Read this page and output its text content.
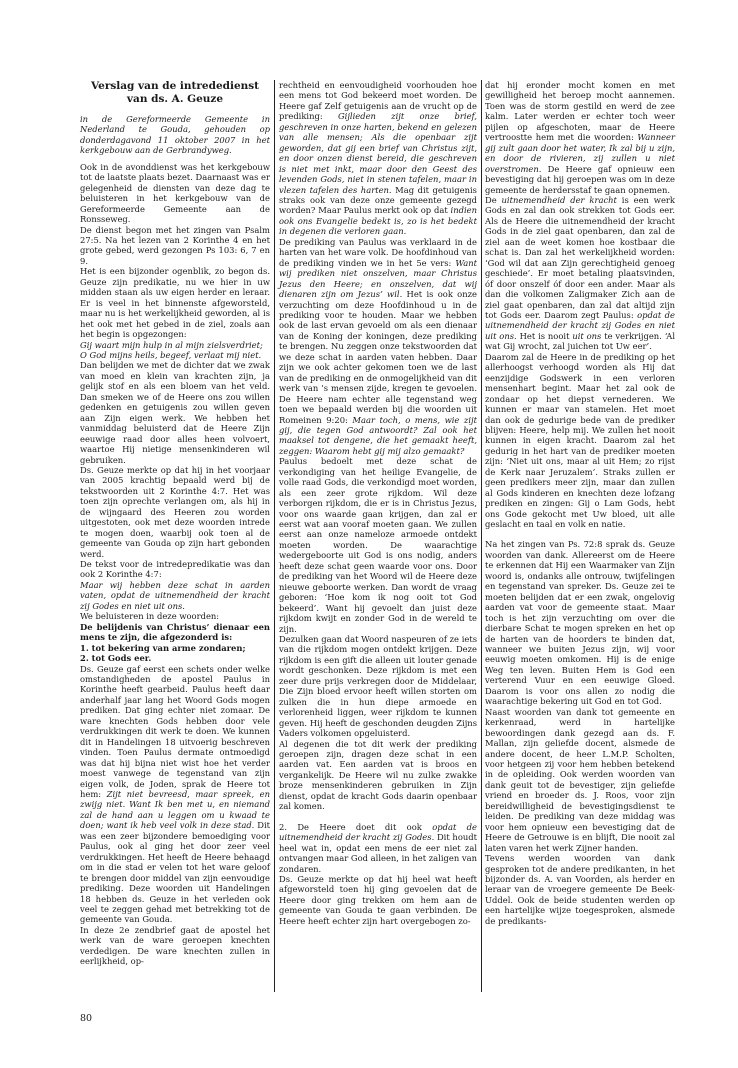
Verslag van de intrededienst
van ds. A. Geuze

in de Gereformeerde Gemeente in Nederland te Gouda, gehouden op donderdagavond 11 oktober 2007 in het kerkgebouw aan de Gerbrandyweg.

Ook in de avonddienst was het kerkgebouw tot de laatste plaats bezet. Daarnaast was er gelegenheid de diensten van deze dag te beluisteren in het kerkgebouw van de Gereformeerde Gemeente aan de Ronsseweg.

De dienst begon met het zingen van Psalm 27:5. Na het lezen van 2 Korinthe 4 en het grote gebed, werd gezongen Ps 103: 6, 7 en 9.

Het is een bijzonder ogenblik, zo begon ds. Geuze zijn predikatie, nu we hier in uw midden staan als uw eigen herder en leraar. Er is veel in het binnenste afgeworsteld, maar nu is het werkelijkheid geworden, al is het ook met het gebed in de ziel, zoals aan het begin is opgezongen:

Gij waart mijn hulp in al mijn zielsverdriet;

O God mijns heils, begeef, verlaat mij niet.

Dan belijden we met de dichter dat we zwak van moed en klein van krachten zijn, ja gelijk stof en als een bloem van het veld. Dan smeken we of de Heere ons zou willen gedenken en getuigenis zou willen geven aan Zijn eigen werk. We hebben het vanmiddag beluisterd dat de Heere Zijn eeuwige raad door alles heen volvoert, waartoe Hij nietige mensenkinderen wil gebruiken.

Ds. Geuze merkte op dat hij in het voorjaar van 2005 krachtig bepaald werd bij de tekstwoorden uit 2 Korinthe 4:7. Het was toen zijn oprechte verlangen om, als hij in de wijngaard des Heeren zou worden uitgestoten, ook met deze woorden intrede te mogen doen, waarbij ook toen al de gemeente van Gouda op zijn hart gebonden werd.

De tekst voor de intredepredikatie was dan ook 2 Korinthe 4:7:

Maar wij hebben deze schat in aarden vaten, opdat de uitnemendheid der kracht zij Godes en niet uit ons.

We beluisteren in deze woorden:

De belijdenis van Christus’ dienaar een mens te zijn, die afgezonderd is:

1. tot bekering van arme zondaren;

2. tot Gods eer.

Ds. Geuze gaf eerst een schets onder welke omstandigheden de apostel Paulus in Korinthe heeft gearbeid. Paulus heeft daar anderhalf jaar lang het Woord Gods mogen prediken. Dat ging echter niet zomaar. De ware knechten Gods hebben door vele verdrukkingen dit werk te doen. We kunnen dit in Handelingen 18 uitvoerig beschreven vinden. Toen Paulus dermate ontmoedigd was dat hij bijna niet wist hoe het verder moest vanwege de tegenstand van zijn eigen volk, de Joden, sprak de Heere tot hem: Zijt niet bevreesd, maar spreek, en zwijg niet. Want Ik ben met u, en niemand zal de hand aan u leggen om u kwaad te doen; want ik heb veel volk in deze stad. Dit was een zeer bijzondere bemoediging voor Paulus, ook al ging het door zeer veel verdrukkingen. Het heeft de Heere behaagd om in die stad er velen tot het ware geloof te brengen door middel van zijn eenvoudige prediking. Deze woorden uit Handelingen 18 hebben ds. Geuze in het verleden ook veel te zeggen gehad met betrekking tot de gemeente van Gouda.

In deze 2e zendbrief gaat de apostel het werk van de ware geroepen knechten verdedigen. De ware knechten zullen in eerlijkheid, op-

rechtheid en eenvoudigheid voorhouden hoe een mens tot God bekeerd moet worden. De Heere gaf Zelf getuigenis aan de vrucht op de prediking: Gijlieden zijt onze brief, geschreven in onze harten, bekend en gelezen van alle mensen; Als die openbaar zijt geworden, dat gij een brief van Christus zijt, en door onzen dienst bereid, die geschreven is niet met inkt, maar door den Geest des levenden Gods, niet in stenen tafelen, maar in vlezen tafelen des harten. Mag dit getuigenis straks ook van deze onze gemeente gezegd worden? Maar Paulus merkt ook op dat indien ook ons Evangelie bedekt is, zo is het bedekt in degenen die verloren gaan.

De prediking van Paulus was verklaard in de harten van het ware volk. De hoofdinhoud van de prediking vinden we in het 5e vers: Want wij prediken niet onszelven, maar Christus Jezus den Heere; en onszelven, dat wij dienaren zijn om Jezus’ wil. Het is ook onze verzuchting om deze Hoofdinhoud u in de prediking voor te houden. Maar we hebben ook de last ervan gevoeld om als een dienaar van de Koning der koningen, deze prediking te brengen. Nu zeggen onze tekstwoorden dat we deze schat in aarden vaten hebben. Daar zijn we ook achter gekomen toen we de last van de prediking en de onmogelijkheid van dit werk van ’s mensen zijde, kregen te gevoelen. De Heere nam echter alle tegenstand weg toen we bepaald werden bij die woorden uit Romeinen 9:20: Maar toch, o mens, wie zijt gij, die tegen God antwoordt? Zal ook het maaksel tot dengene, die het gemaakt heeft, zeggen: Waarom hebt gij mij alzo gemaakt?

Paulus bedoelt met deze schat de verkondiging van het heilige Evangelie, de volle raad Gods, die verkondigd moet worden, als een zeer grote rijkdom. Wil deze verborgen rijkdom, die er is in Christus Jezus, voor ons waarde gaan krijgen, dan zal er eerst wat aan vooraf moeten gaan. We zullen eerst aan onze nameloze armoede ontdekt moeten worden. De waarachtige wedergeboorte uit God is ons nodig, anders heeft deze schat geen waarde voor ons. Door de prediking van het Woord wil de Heere deze nieuwe geboorte werken. Dan wordt de vraag geboren: ‘Hoe kom ik nog ooit tot God bekeerd’. Want hij gevoelt dan juist deze rijkdom kwijt en zonder God in de wereld te zijn.

Dezulken gaan dat Woord naspeuren of ze iets van die rijkdom mogen ontdekt krijgen. Deze rijkdom is een gift die alleen uit louter genade wordt geschonken. Deze rijkdom is met een zeer dure prijs verkregen door de Middelaar, Die Zijn bloed ervoor heeft willen storten om zulken die in hun diepe armoede en verlorenheid liggen, weer rijkdom te kunnen geven. Hij heeft de geschonden deugden Zijns Vaders volkomen opgeluisterd.

Al degenen die tot dit werk der prediking geroepen zijn, dragen deze schat in een aarden vat. Een aarden vat is broos en vergankelijk. De Heere wil nu zulke zwakke broze mensenkinderen gebruiken in Zijn dienst, opdat de kracht Gods daarin openbaar zal komen.

2. De Heere doet dit ook opdat de uitnemendheid der kracht zij Godes. Dit houdt heel wat in, opdat een mens de eer niet zal ontvangen maar God alleen, in het zaligen van zondaren.

Ds. Geuze merkte op dat hij heel wat heeft afgeworsteld toen hij ging gevoelen dat de Heere door ging trekken om hem aan de gemeente van Gouda te gaan verbinden. De Heere heeft echter zijn hart overgebogen zo-

dat hij eronder mocht komen en met gewilligheid het beroep mocht aannemen. Toen was de storm gestild en werd de zee kalm. Later werden er echter toch weer pijlen op afgeschoten, maar de Heere vertroostte hem met die woorden: Wanneer gij zult gaan door het water, Ik zal bij u zijn, en door de rivieren, zij zullen u niet overstromen. De Heere gaf opnieuw een bevestiging dat hij geroepen was om in deze gemeente de herdersstaf te gaan opnemen.

De uitnemendheid der kracht is een werk Gods en zal dan ook strekken tot Gods eer. Als de Heere die uitnemendheid der kracht Gods in de ziel gaat openbaren, dan zal de ziel aan de weet komen hoe kostbaar die schat is. Dan zal het werkelijkheid worden: ‘God wil dat aan Zijn gerechtigheid genoeg geschiede’. Er moet betaling plaatsvinden, óf door onszelf óf door een ander. Maar als dan die volkomen Zaligmaker Zich aan de ziel gaat openbaren, dan zal dat altijd zijn tot Gods eer. Daarom zegt Paulus: opdat de uitnemendheid der kracht zij Godes en niet uit ons. Het is nooit uit ons te verkrijgen. ‘Al wat Gij wrocht, zal juichen tot Uw eer’.

Daarom zal de Heere in de prediking op het allerhoogst verhoogd worden als Hij dat eenzijdige Godswerk in een verloren mensenhart begint. Maar het zal ook de zondaar op het diepst vernederen. We kunnen er maar van stamelen. Het moet dan ook de gedurige bede van de prediker blijven: Heere, help mij. We zullen het nooit kunnen in eigen kracht. Daarom zal het gedurig in het hart van de prediker moeten zijn: ‘Niet uit ons, maar al uit Hem; zo rijst de Kerk naar Jeruzalem’. Straks zullen er geen predikers meer zijn, maar dan zullen al Gods kinderen en knechten deze lofzang prediken en zingen: Gij o Lam Gods, hebt ons Gode gekocht met Uw bloed, uit alle geslacht en taal en volk en natie.

Na het zingen van Ps. 72:8 sprak ds. Geuze woorden van dank. Allereerst om de Heere te erkennen dat Hij een Waarmaker van Zijn woord is, ondanks alle ontrouw, twijfelingen en tegenstand van spreker. Ds. Geuze zei te moeten belijden dat er een zwak, ongelovig aarden vat voor de gemeente staat. Maar toch is het zijn verzuchting om over die dierbare Schat te mogen spreken en het op de harten van de hoorders te binden dat, wanneer we buiten Jezus zijn, wij voor eeuwig moeten omkomen. Hij is de enige Weg ten leven. Buiten Hem is God een verterend Vuur en een eeuwige Gloed. Daarom is voor ons allen zo nodig die waarachtige bekering uit God en tot God.

Naast woorden van dank tot gemeente en kerkenraad, werd in hartelijke bewoordingen dank gezegd aan ds. F. Mallan, zijn geliefde docent, alsmede de andere docent, de heer L.M.P. Scholten, voor hetgeen zij voor hem hebben betekend in de opleiding. Ook werden woorden van dank geuit tot de bevestiger, zijn geliefde vriend en broeder ds. J. Roos, voor zijn bereidwilligheid de bevestigingsdienst te leiden. De prediking van deze middag was voor hem opnieuw een bevestiging dat de Heere de Getrouwe is en blijft, Die nooit zal laten varen het werk Zijner handen.

Tevens werden woorden van dank gesproken tot de andere predikanten, in het bijzonder ds. A. van Voorden, als herder en leraar van de vroegere gemeente De Beek-Uddel. Ook de beide studenten werden op een hartelijke wijze toegesproken, alsmede de predikants-

80
